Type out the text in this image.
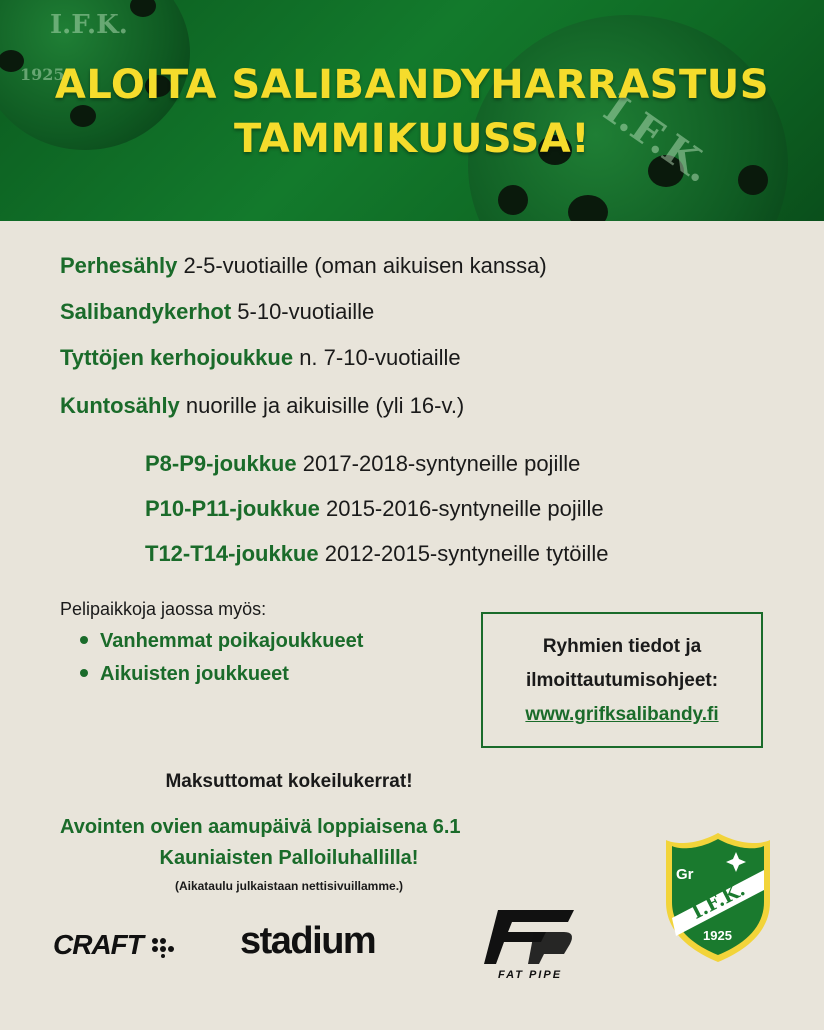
1925
I.F.K.
I.F.K.
ALOITA SALIBANDYHARRASTUS
TAMMIKUUSSA!
Perhesähly 2-5-vuotiaille (oman aikuisen kanssa)
Salibandykerhot 5-10-vuotiaille
Tyttöjen kerhojoukkue n. 7-10-vuotiaille
Kuntosähly nuorille ja aikuisille (yli 16-v.)
P8-P9-joukkue 2017-2018-syntyneille pojille
P10-P11-joukkue 2015-2016-syntyneille pojille
T12-T14-joukkue 2012-2015-syntyneille tytöille
Pelipaikkoja jaossa myös:
Vanhemmat poikajoukkueet
Aikuisten joukkueet
Ryhmien tiedot ja
ilmoittautumisohjeet:
www.grifksalibandy.fi
Maksuttomat kokeilukerrat!
Avointen ovien aamupäivä loppiaisena 6.1
Kauniaisten Palloiluhallilla!
(Aikataulu julkaistaan nettisivuillamme.)
CRAFT	stadium
FAT PIPE
Gr
I.F.K.
1925
